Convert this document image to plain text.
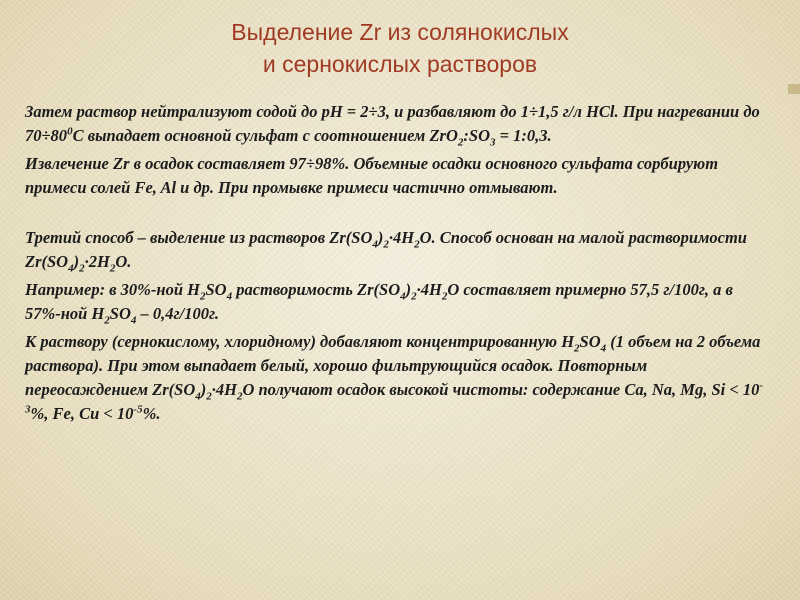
Выделение Zr из солянокислых
и сернокислых растворов

Затем раствор нейтрализуют содой до рН = 2÷3, и разбавляют до 1÷1,5 г/л HCl. При нагревании до $70\div 80^0С$ выпадает основной сульфат с соотношением $ZrO_2:SO_3$ = 1:0,3.

Извлечение Zr в осадок составляет 97÷98%. Объемные осадки основного сульфата сорбируют примеси солей Fe, Al и др. При промывке примеси частично отмывают.

Третий способ – выделение из растворов $Zr(SO_4)_2\cdot 4H_2O$. Способ основан на малой растворимости $Zr(SO_4)_2\cdot 2H_2O$.

Например: в 30%-ной $H_2SO_4$ растворимость $Zr(SO_4)_2\cdot 4H_2O$ составляет примерно 57,5 г/100г, а в 57%-ной $H_2SO_4 - 0,4г/100г$.

К раствору (сернокислому, хлоридному) добавляют концентрированную $H_2SO_4$ (1 объем на 2 объема раствора). При этом выпадает белый, хорошо фильтрующийся осадок. Повторным переосаждением $Zr(SO_4)_2\cdot 4H_2O$ получают осадок высокой чистоты: содержание Ca, Na, Mg, $Si < 10^{-3}\%$, Fe, $Cu < 10^{-5}\%$.
